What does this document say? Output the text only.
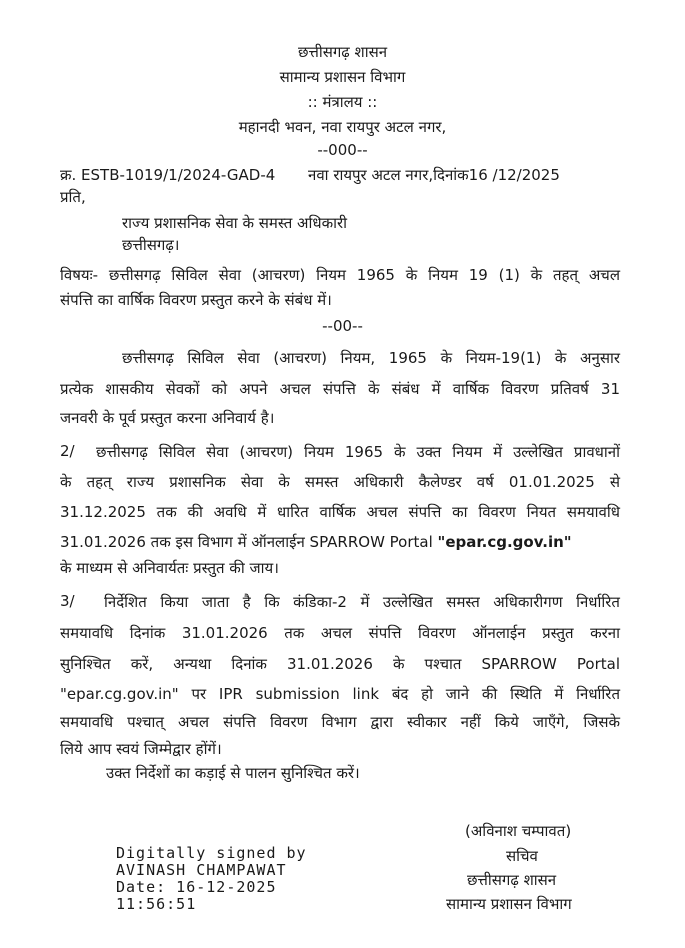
छत्तीसगढ़ शासन
सामान्य प्रशासन विभाग
:: मंत्रालय ::
महानदी भवन, नवा रायपुर अटल नगर,
--000--
क्र. ESTB-1019/1/2024-GAD-4 नवा रायपुर अटल नगर,दिनांक16 /12/2025
प्रति,
राज्य प्रशासनिक सेवा के समस्त अधिकारी
छत्तीसगढ़।
विषयः- छत्तीसगढ़ सिविल सेवा (आचरण) नियम 1965 के नियम 19 (1) के तहत् अचल
संपत्ति का वार्षिक विवरण प्रस्तुत करने के संबंध में।
--00--
छत्तीसगढ़ सिविल सेवा (आचरण) नियम, 1965 के नियम-19(1) के अनुसार
प्रत्येक शासकीय सेवकों को अपने अचल संपत्ति के संबंध में वार्षिक विवरण प्रतिवर्ष 31
जनवरी के पूर्व प्रस्तुत करना अनिवार्य है।
2/ छत्तीसगढ़ सिविल सेवा (आचरण) नियम 1965 के उक्त नियम में उल्लेखित प्रावधानों
के तहत् राज्य प्रशासनिक सेवा के समस्त अधिकारी कैलेण्डर वर्ष 01.01.2025 से
31.12.2025 तक की अवधि में धारित वार्षिक अचल संपत्ति का विवरण नियत समयावधि
31.01.2026 तक इस विभाग में ऑनलाईन SPARROW Portal "epar.cg.gov.in"
के माध्यम से अनिवार्यतः प्रस्तुत की जाय।
3/ निर्देशित किया जाता है कि कंडिका-2 में उल्लेखित समस्त अधिकारीगण निर्धारित
समयावधि दिनांक 31.01.2026 तक अचल संपत्ति विवरण ऑनलाईन प्रस्तुत करना
सुनिश्चित करें, अन्यथा दिनांक 31.01.2026 के पश्चात SPARROW Portal
"epar.cg.gov.in" पर IPR submission link बंद हो जाने की स्थिति में निर्धारित
समयावधि पश्चात् अचल संपत्ति विवरण विभाग द्वारा स्वीकार नहीं किये जाएँगे, जिसके
लिये आप स्वयं जिम्मेद्वार होंगें।
उक्त निर्देशों का कड़ाई से पालन सुनिश्चित करें।
(अविनाश चम्पावत)
सचिव
छत्तीसगढ़ शासन
सामान्य प्रशासन विभाग
Digitally signed by
AVINASH CHAMPAWAT
Date: 16-12-2025
11:56:51
